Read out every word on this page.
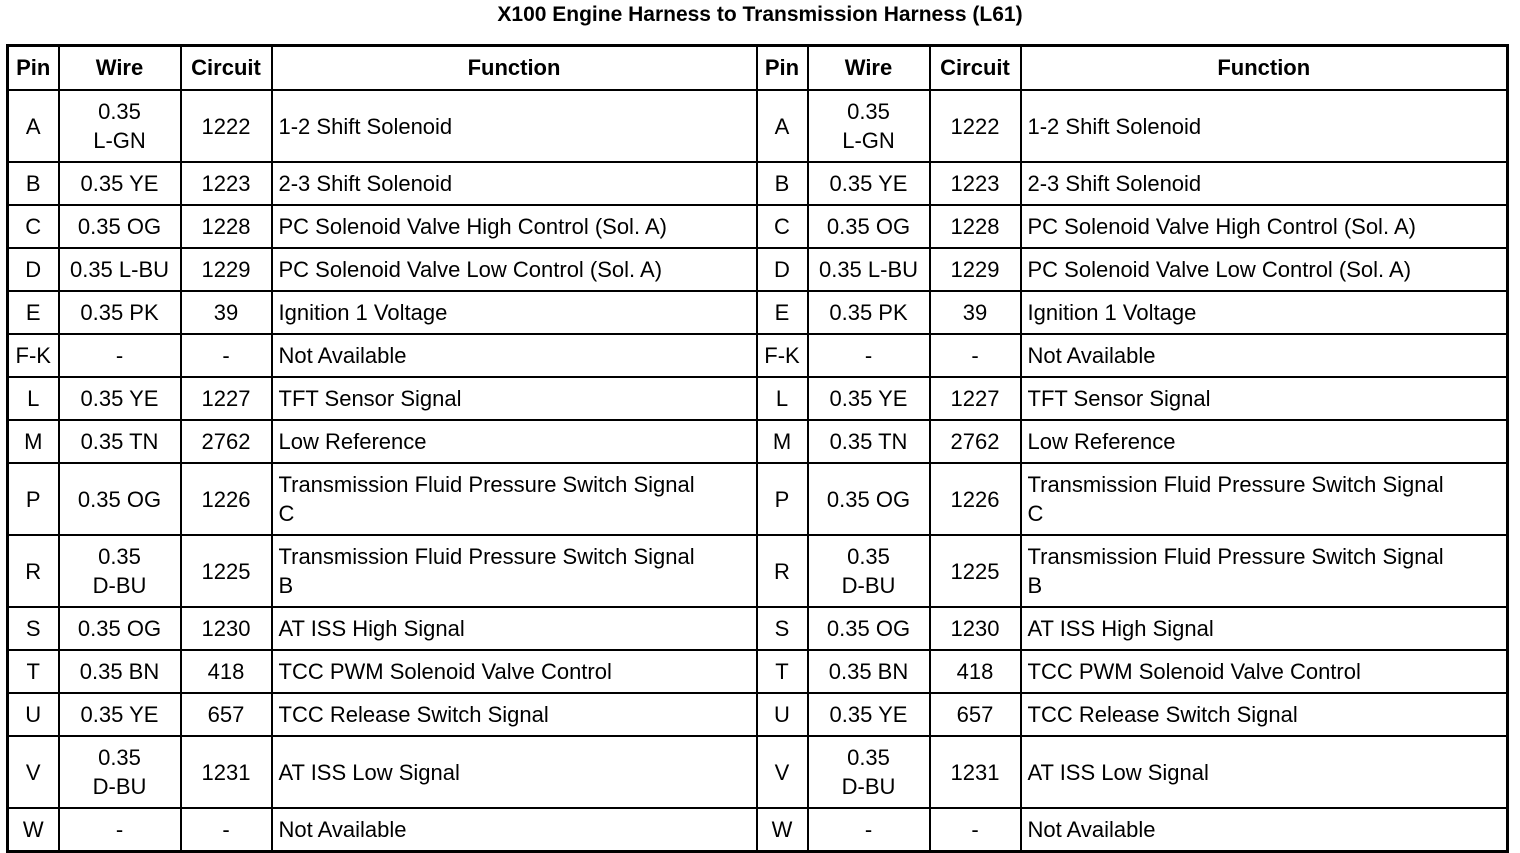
X100 Engine Harness to Transmission Harness (L61)
Pin	Wire	Circuit	Function	Pin	Wire	Circuit	Function
A	0.35 L-GN	1222	1-2 Shift Solenoid	A	0.35 L-GN	1222	1-2 Shift Solenoid
B	0.35 YE	1223	2-3 Shift Solenoid	B	0.35 YE	1223	2-3 Shift Solenoid
C	0.35 OG	1228	PC Solenoid Valve High Control (Sol. A)	C	0.35 OG	1228	PC Solenoid Valve High Control (Sol. A)
D	0.35 L-BU	1229	PC Solenoid Valve Low Control (Sol. A)	D	0.35 L-BU	1229	PC Solenoid Valve Low Control (Sol. A)
E	0.35 PK	39	Ignition 1 Voltage	E	0.35 PK	39	Ignition 1 Voltage
F-K	-	-	Not Available	F-K	-	-	Not Available
L	0.35 YE	1227	TFT Sensor Signal	L	0.35 YE	1227	TFT Sensor Signal
M	0.35 TN	2762	Low Reference	M	0.35 TN	2762	Low Reference
P	0.35 OG	1226	Transmission Fluid Pressure Switch Signal C	P	0.35 OG	1226	Transmission Fluid Pressure Switch Signal C
R	0.35 D-BU	1225	Transmission Fluid Pressure Switch Signal B	R	0.35 D-BU	1225	Transmission Fluid Pressure Switch Signal B
S	0.35 OG	1230	AT ISS High Signal	S	0.35 OG	1230	AT ISS High Signal
T	0.35 BN	418	TCC PWM Solenoid Valve Control	T	0.35 BN	418	TCC PWM Solenoid Valve Control
U	0.35 YE	657	TCC Release Switch Signal	U	0.35 YE	657	TCC Release Switch Signal
V	0.35 D-BU	1231	AT ISS Low Signal	V	0.35 D-BU	1231	AT ISS Low Signal
W	-	-	Not Available	W	-	-	Not Available
